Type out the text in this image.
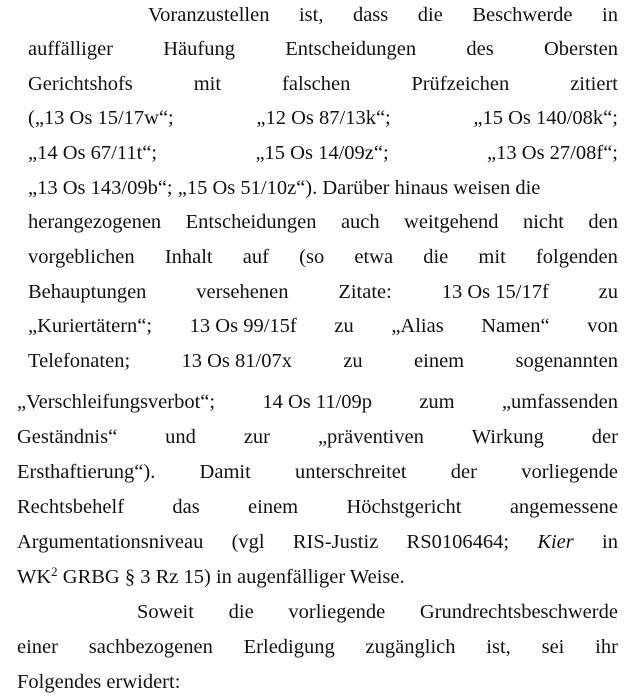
Voranzustellen ist, dass die Beschwerde in
auffälliger Häufung Entscheidungen des Obersten
Gerichtshofs	mit	falschen	Prüfzeichen	zitiert
(„13 Os 15/17w“;	„12 Os 87/13k“;	„15 Os 140/08k“;
„14 Os 67/11t“;	„15 Os 14/09z“;	„13 Os 27/08f“;
„13 Os 143/09b“; „15 Os 51/10z“). Darüber hinaus weisen die
herangezogenen Entscheidungen auch weitgehend nicht den
vorgeblichen Inhalt auf (so etwa die mit folgenden
Behauptungen versehenen Zitate: 13 Os 15/17f zu
„Kuriertätern“; 13 Os 99/15f zu „Alias Namen“ von
Telefonaten;	13 Os 81/07x	zu	einem	sogenannten
„Verschleifungsverbot“; 14 Os 11/09p zum „umfassenden
Geständnis“ und zur „präventiven Wirkung der
Ersthaftierung“). Damit unterschreitet der vorliegende
Rechtsbehelf das einem Höchstgericht angemessene
Argumentationsniveau (vgl RIS-Justiz RS0106464; Kier in
$WK^2$ GRBG § 3 Rz 15) in augenfälliger Weise.
Soweit die vorliegende Grundrechtsbeschwerde
einer sachbezogenen Erledigung zugänglich ist, sei ihr
Folgendes erwidert:
